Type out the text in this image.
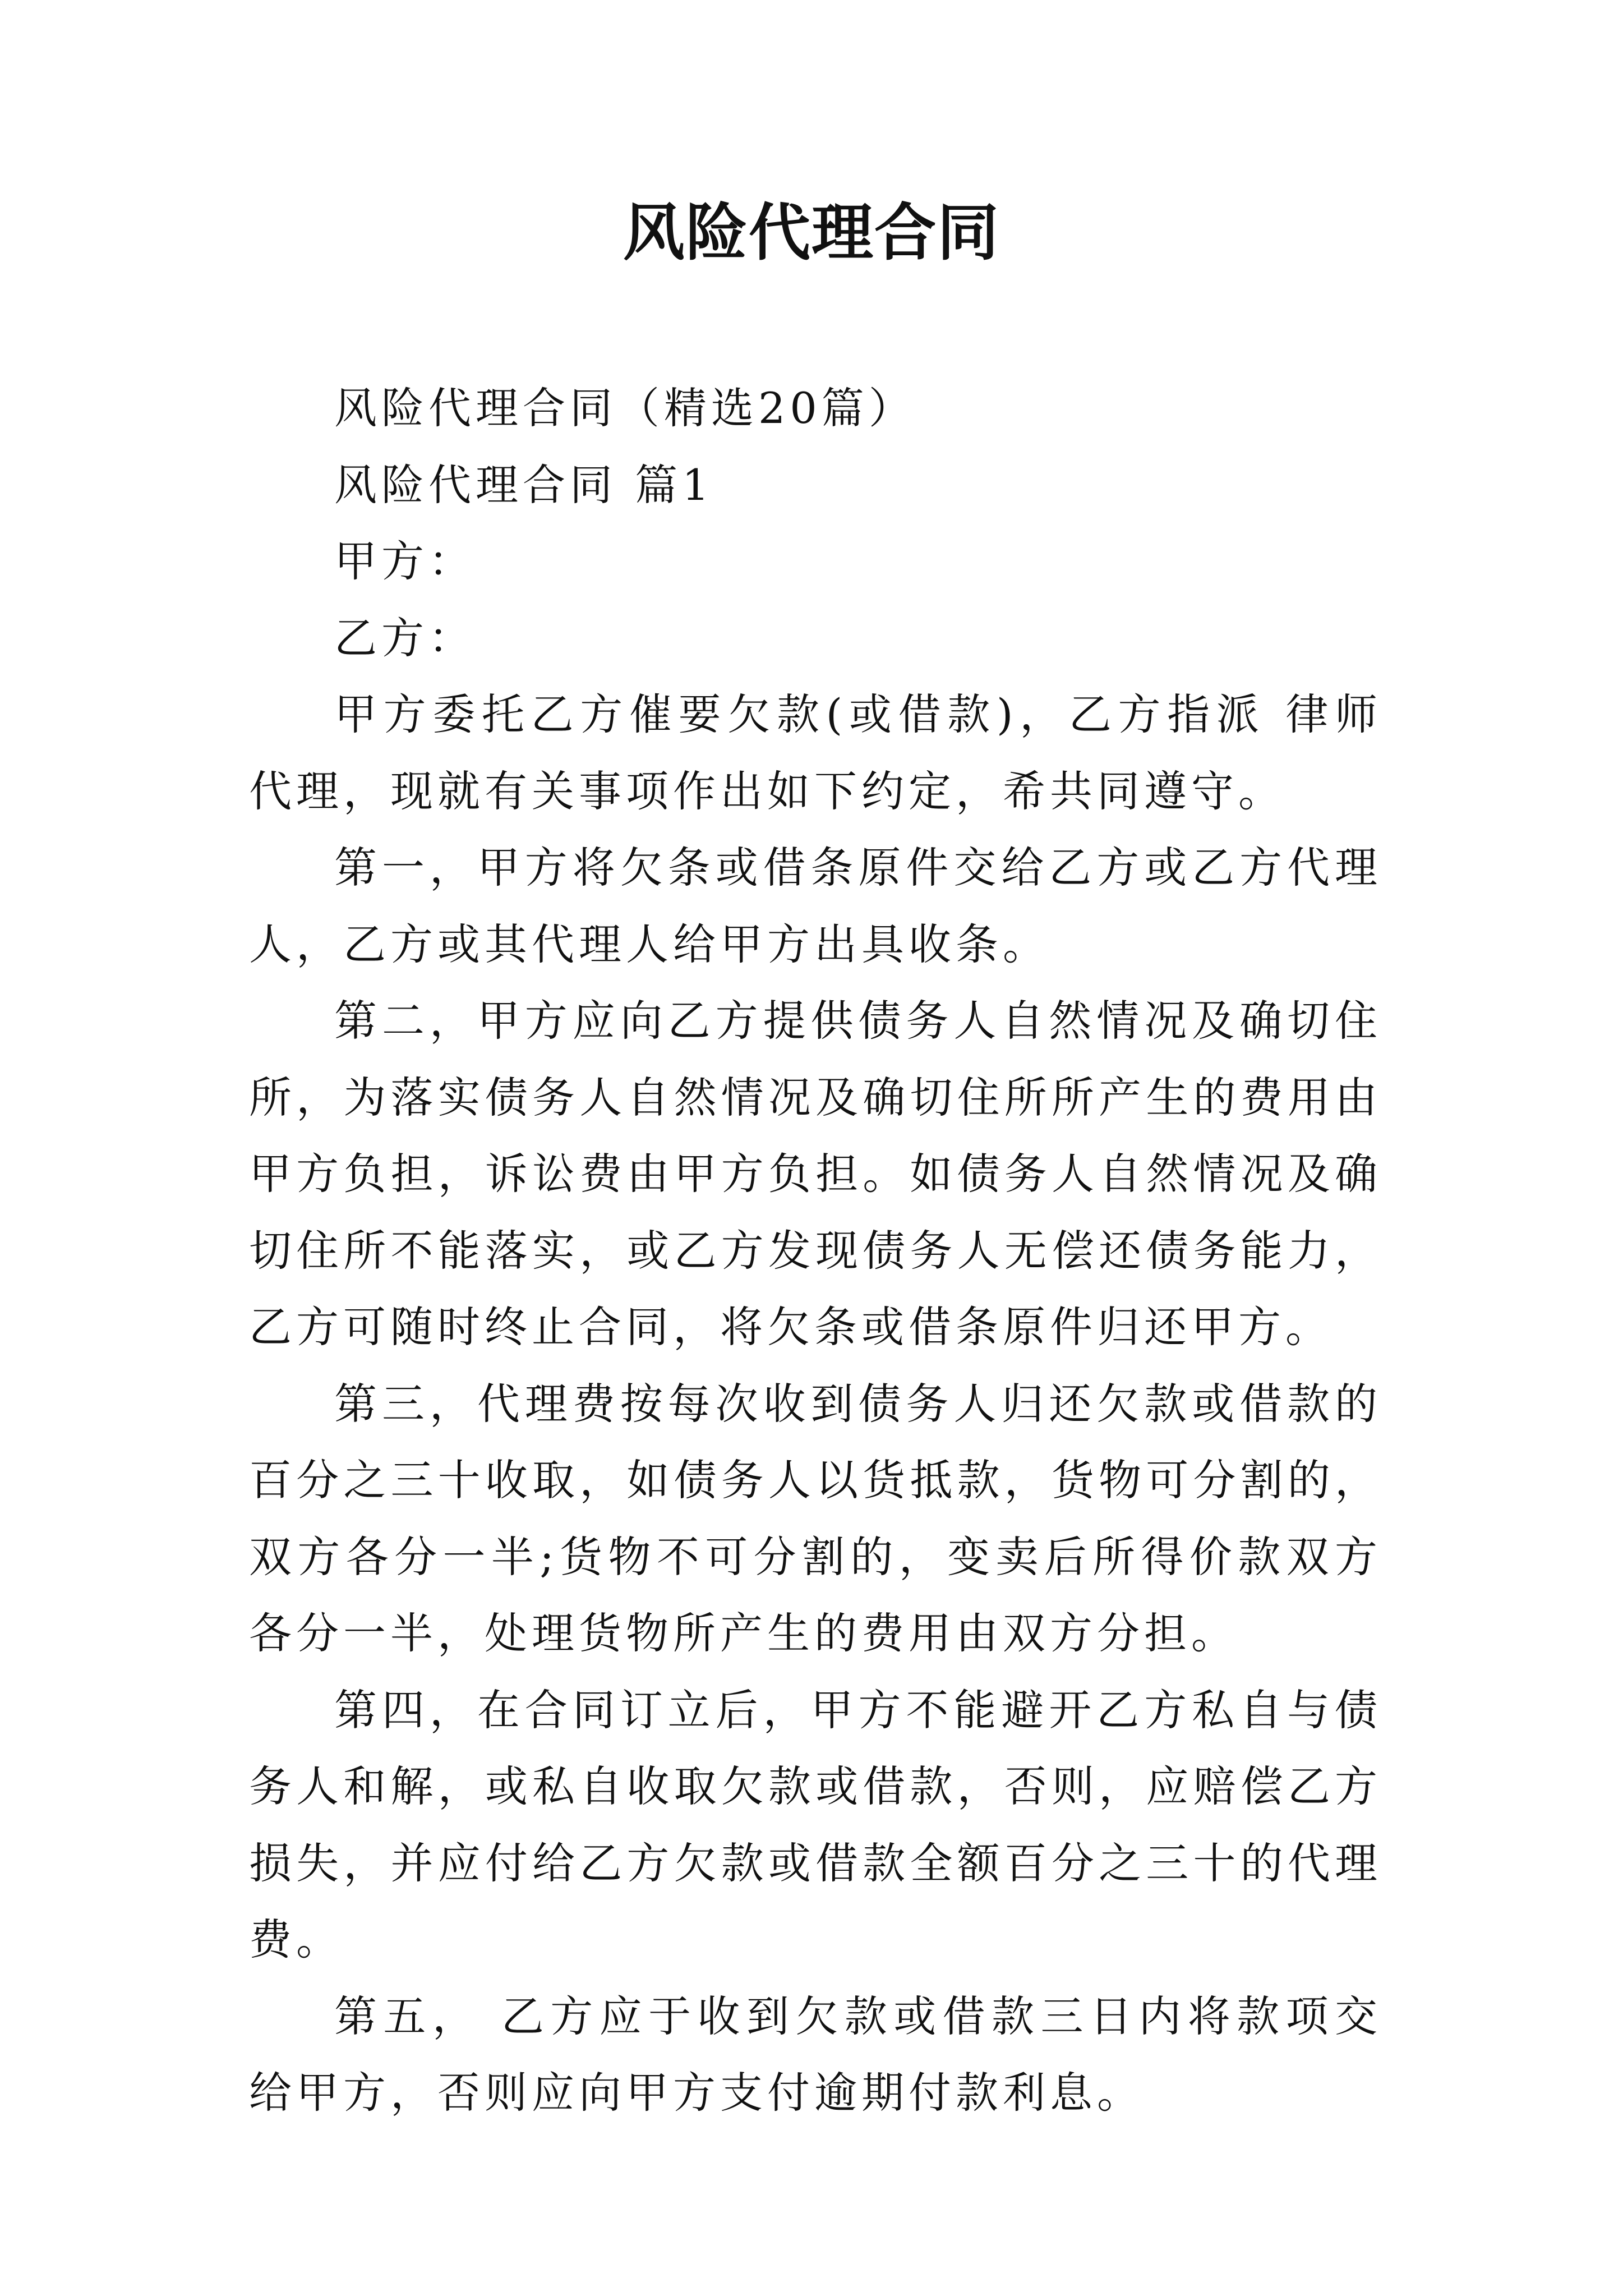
风险代理合同

风险代理合同（精选20篇）

风险代理合同 篇1

甲方：

乙方：

甲方委托乙方催要欠款(或借款)，乙方指派 律师代理，现就有关事项作出如下约定，希共同遵守。

第一，甲方将欠条或借条原件交给乙方或乙方代理人，乙方或其代理人给甲方出具收条。

第二，甲方应向乙方提供债务人自然情况及确切住所，为落实债务人自然情况及确切住所所产生的费用由甲方负担，诉讼费由甲方负担。如债务人自然情况及确切住所不能落实，或乙方发现债务人无偿还债务能力，乙方可随时终止合同，将欠条或借条原件归还甲方。

第三，代理费按每次收到债务人归还欠款或借款的百分之三十收取，如债务人以货抵款，货物可分割的，双方各分一半;货物不可分割的，变卖后所得价款双方各分一半，处理货物所产生的费用由双方分担。

第四，在合同订立后，甲方不能避开乙方私自与债务人和解，或私自收取欠款或借款，否则，应赔偿乙方损失，并应付给乙方欠款或借款全额百分之三十的代理费。

第五， 乙方应于收到欠款或借款三日内将款项交给甲方，否则应向甲方支付逾期付款利息。
